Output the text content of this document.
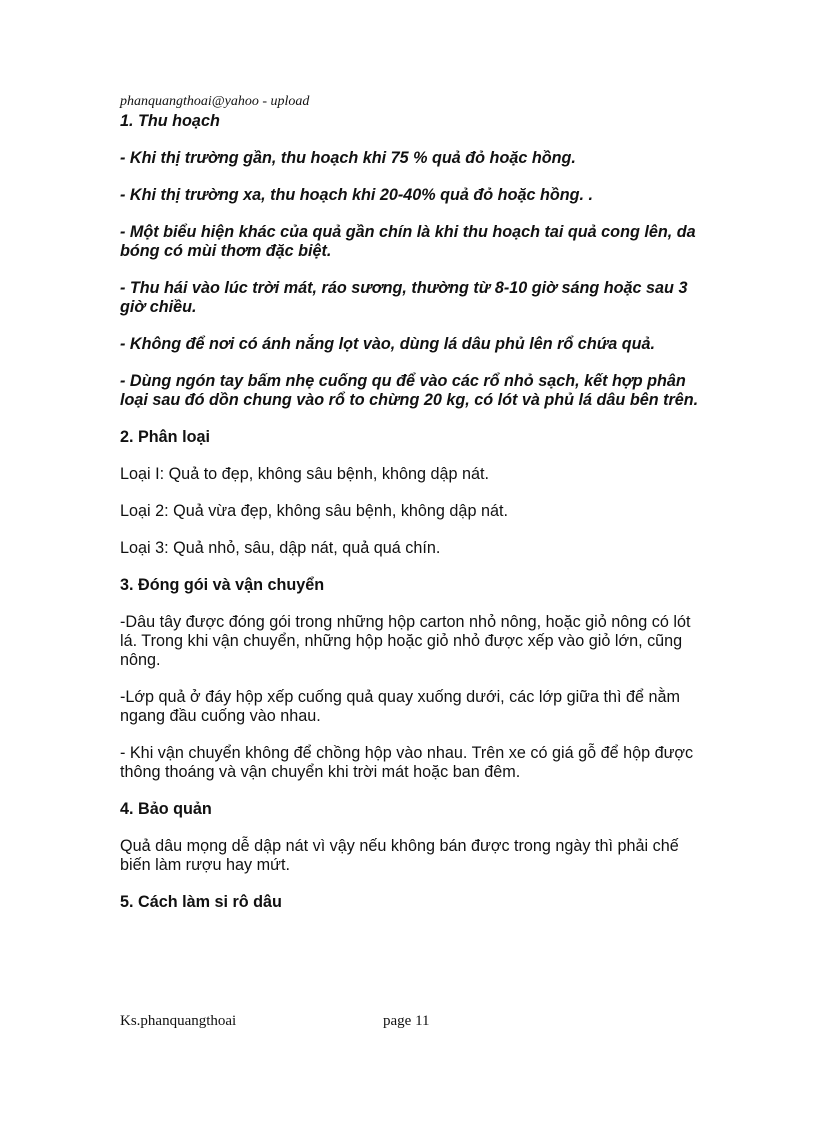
phanquangthoai@yahoo - upload

1. Thu hoạch

- Khi thị trường gần, thu hoạch khi 75 % quả đỏ hoặc hồng.

- Khi thị trường xa, thu hoạch khi 20-40% quả đỏ hoặc hồng. .

- Một biểu hiện khác của quả gần chín là khi thu hoạch tai quả cong lên, da bóng có mùi thơm đặc biệt.

- Thu hái vào lúc trời mát, ráo sương, thường từ 8-10 giờ sáng hoặc sau 3 giờ chiều.

- Không để nơi có ánh nắng lọt vào, dùng lá dâu phủ lên rổ chứa quả.

- Dùng ngón tay bấm nhẹ cuống qu để vào các rổ nhỏ sạch, kết hợp phân loại sau đó dồn chung vào rổ to chừng 20 kg, có lót và phủ lá dâu bên trên.

2. Phân loại

Loại I: Quả to đẹp, không sâu bệnh, không dập nát.

Loại 2: Quả vừa đẹp, không sâu bệnh, không dập nát.

Loại 3: Quả nhỏ, sâu, dập nát, quả quá chín.

3. Đóng gói và vận chuyển

-Dâu tây được đóng gói trong những hộp carton nhỏ nông, hoặc giỏ nông có lót lá. Trong khi vận chuyển, những hộp hoặc giỏ nhỏ được xếp vào giỏ lớn, cũng nông.

-Lớp quả ở đáy hộp xếp cuống quả quay xuống dưới, các lớp giữa thì để nằm ngang đầu cuống vào nhau.

- Khi vận chuyển không để chồng hộp vào nhau. Trên xe có giá gỗ để hộp được thông thoáng và vận chuyển khi trời mát hoặc ban đêm.

4. Bảo quản

Quả dâu mọng dễ dập nát vì vậy nếu không bán được trong ngày thì phải chế biến làm rượu hay mứt.

5. Cách làm si rô dâu

Ks.phanquangthoai	page 11
